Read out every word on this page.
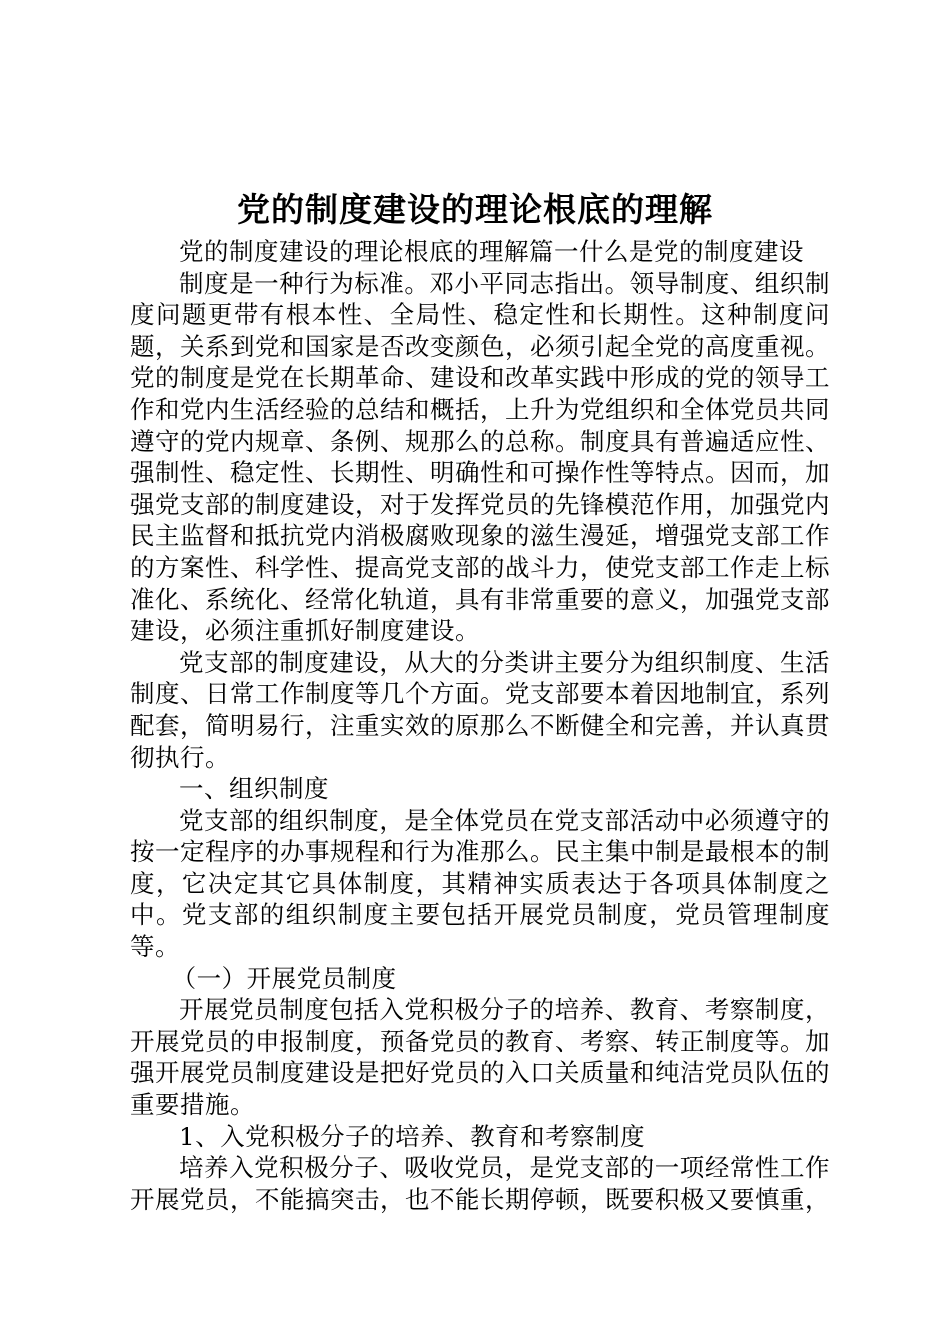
党的制度建设的理论根底的理解

党的制度建设的理论根底的理解篇一什么是党的制度建设

制度是一种行为标准。邓小平同志指出。领导制度、组织制度问题更带有根本性、全局性、稳定性和长期性。这种制度问题，关系到党和国家是否改变颜色，必须引起全党的高度重视。党的制度是党在长期革命、建设和改革实践中形成的党的领导工作和党内生活经验的总结和概括，上升为党组织和全体党员共同遵守的党内规章、条例、规那么的总称。制度具有普遍适应性、强制性、稳定性、长期性、明确性和可操作性等特点。因而，加强党支部的制度建设，对于发挥党员的先锋模范作用，加强党内民主监督和抵抗党内消极腐败现象的滋生漫延，增强党支部工作的方案性、科学性、提高党支部的战斗力，使党支部工作走上标准化、系统化、经常化轨道，具有非常重要的意义，加强党支部建设，必须注重抓好制度建设。

党支部的制度建设，从大的分类讲主要分为组织制度、生活制度、日常工作制度等几个方面。党支部要本着因地制宜，系列配套，简明易行，注重实效的原那么不断健全和完善，并认真贯彻执行。

一、组织制度

党支部的组织制度，是全体党员在党支部活动中必须遵守的按一定程序的办事规程和行为准那么。民主集中制是最根本的制度，它决定其它具体制度，其精神实质表达于各项具体制度之中。党支部的组织制度主要包括开展党员制度，党员管理制度等。

（一）开展党员制度

开展党员制度包括入党积极分子的培养、教育、考察制度，开展党员的申报制度，预备党员的教育、考察、转正制度等。加强开展党员制度建设是把好党员的入口关质量和纯洁党员队伍的重要措施。

1、入党积极分子的培养、教育和考察制度

培养入党积极分子、吸收党员，是党支部的一项经常性工作开展党员，不能搞突击，也不能长期停顿，既要积极又要慎重，
